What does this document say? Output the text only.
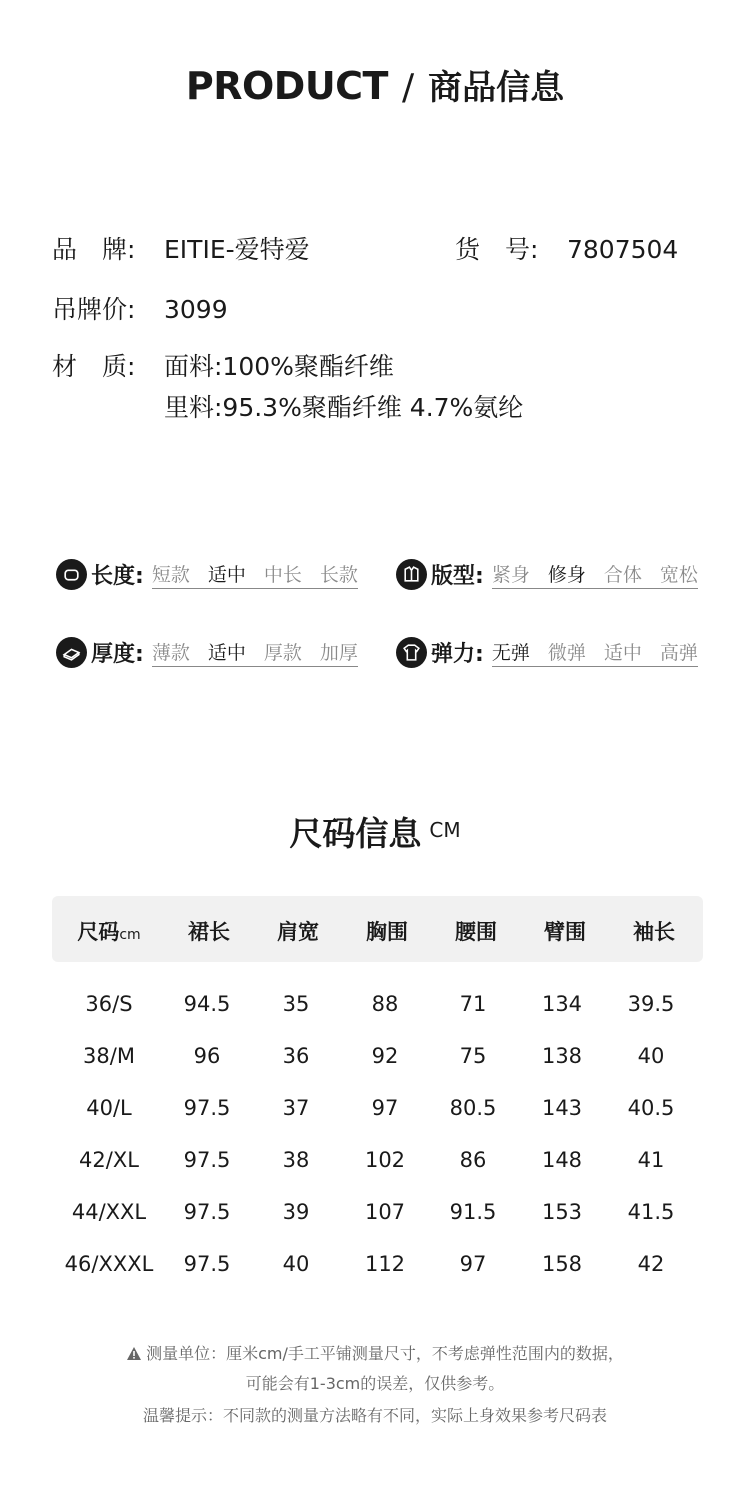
PRODUCT / 商品信息
品　牌: EITIE-爱特爱	货　号: 7807504
吊牌价: 3099
材　质: 面料:100%聚酯纤维
里料:95.3%聚酯纤维 4.7%氨纶
长度: 短款 适中 中长 长款	版型: 紧身 修身 合体 宽松
厚度: 薄款 适中 厚款 加厚	弹力: 无弹 微弹 适中 高弹
尺码信息 CM
尺码cm	裙长	肩宽	胸围	腰围	臂围	袖长
36/S	94.5	35	88	71	134	39.5
38/M	96	36	92	75	138	40
40/L	97.5	37	97	80.5	143	40.5
42/XL	97.5	38	102	86	148	41
44/XXL	97.5	39	107	91.5	153	41.5
46/XXXL	97.5	40	112	97	158	42
测量单位：厘米cm/手工平铺测量尺寸，不考虑弹性范围内的数据，
可能会有1-3cm的误差，仅供参考。
温馨提示：不同款的测量方法略有不同，实际上身效果参考尺码表
